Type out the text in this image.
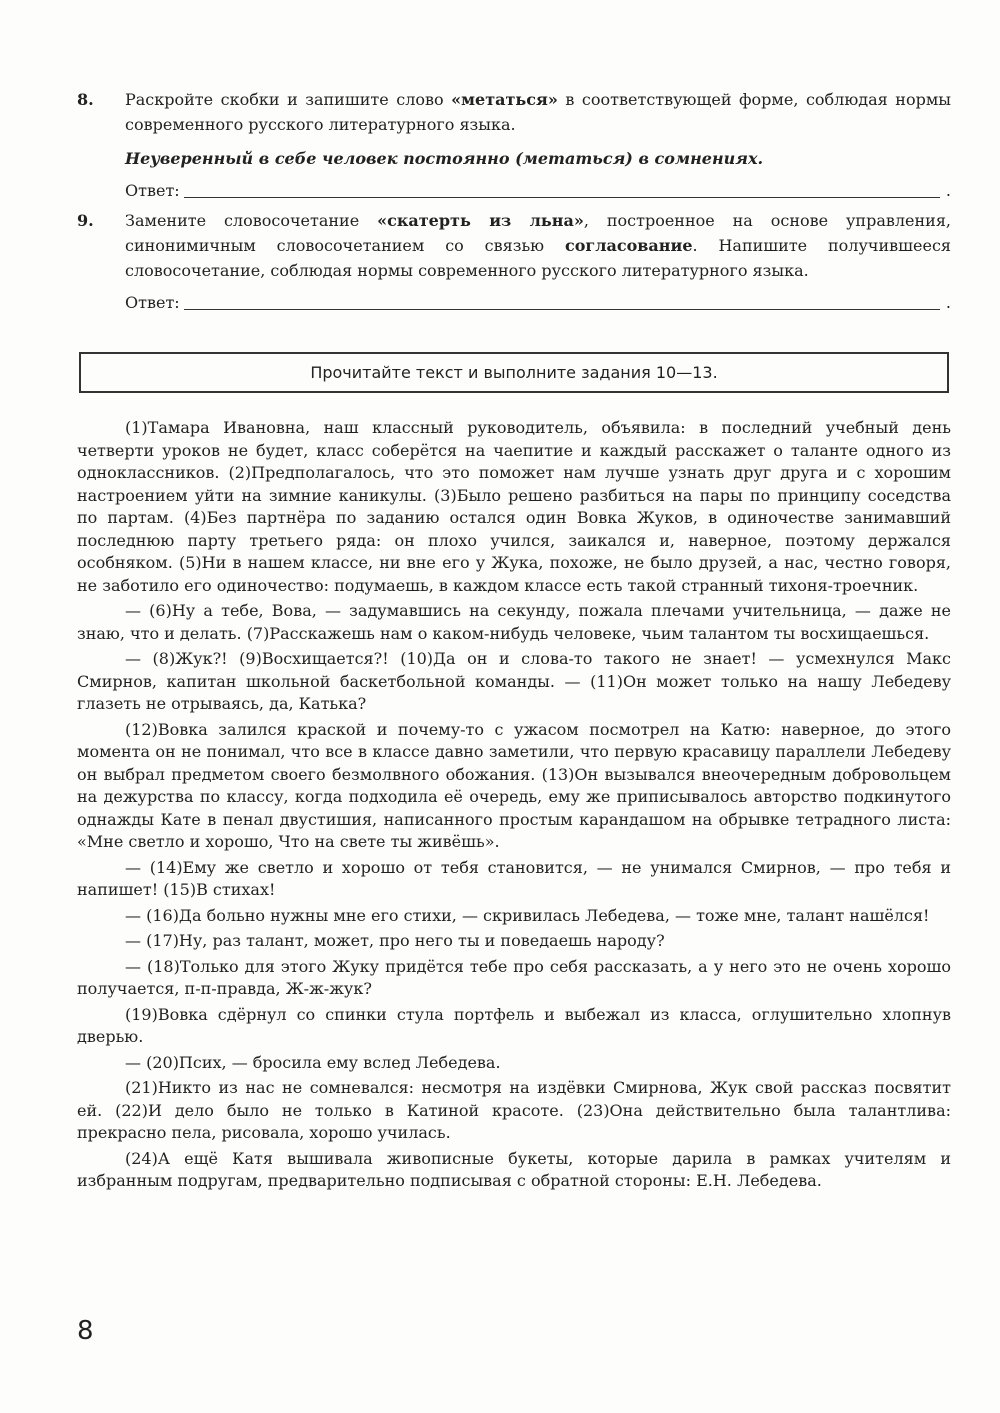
8. Раскройте скобки и запишите слово «метаться» в соответствующей форме, соблюдая нормы современного русского литературного языка.

Неуверенный в себе человек постоянно (метаться) в сомнениях.

Ответ:	.

9. Замените словосочетание «скатерть из льна», построенное на основе управления, синонимичным словосочетанием со связью согласование. Напишите получившееся словосочетание, соблюдая нормы современного русского литературного языка.

Ответ:	.

Прочитайте текст и выполните задания 10—13.

(1)Тамара Ивановна, наш классный руководитель, объявила: в последний учебный день четверти уроков не будет, класс соберётся на чаепитие и каждый расскажет о таланте одного из одноклассников. (2)Предполагалось, что это поможет нам лучше узнать друг друга и с хорошим настроением уйти на зимние каникулы. (3)Было решено разбиться на пары по принципу соседства по партам. (4)Без партнёра по заданию остался один Вовка Жуков, в одиночестве занимавший последнюю парту третьего ряда: он плохо учился, заикался и, наверное, поэтому держался особняком. (5)Ни в нашем классе, ни вне его у Жука, похоже, не было друзей, а нас, честно говоря, не заботило его одиночество: подумаешь, в каждом классе есть такой странный тихоня-троечник.

— (6)Ну а тебе, Вова, — задумавшись на секунду, пожала плечами учительница, — даже не знаю, что и делать. (7)Расскажешь нам о каком-нибудь человеке, чьим талантом ты восхищаешься.

— (8)Жук?! (9)Восхищается?! (10)Да он и слова-то такого не знает! — усмехнулся Макс Смирнов, капитан школьной баскетбольной команды. — (11)Он может только на нашу Лебедеву глазеть не отрываясь, да, Катька?

(12)Вовка залился краской и почему-то с ужасом посмотрел на Катю: наверное, до этого момента он не понимал, что все в классе давно заметили, что первую красавицу параллели Лебедеву он выбрал предметом своего безмолвного обожания. (13)Он вызывался внеочередным добровольцем на дежурства по классу, когда подходила её очередь, ему же приписывалось авторство подкинутого однажды Кате в пенал двустишия, написанного простым карандашом на обрывке тетрадного листа: «Мне светло и хорошо, Что на свете ты живёшь».

— (14)Ему же светло и хорошо от тебя становится, — не унимался Смирнов, — про тебя и напишет! (15)В стихах!

— (16)Да больно нужны мне его стихи, — скривилась Лебедева, — тоже мне, талант нашёлся!

— (17)Ну, раз талант, может, про него ты и поведаешь народу?

— (18)Только для этого Жуку придётся тебе про себя рассказать, а у него это не очень хорошо получается, п-п-правда, Ж-ж-жук?

(19)Вовка сдёрнул со спинки стула портфель и выбежал из класса, оглушительно хлопнув дверью.

— (20)Псих, — бросила ему вслед Лебедева.

(21)Никто из нас не сомневался: несмотря на издёвки Смирнова, Жук свой рассказ посвятит ей. (22)И дело было не только в Катиной красоте. (23)Она действительно была талантлива: прекрасно пела, рисовала, хорошо училась.

(24)А ещё Катя вышивала живописные букеты, которые дарила в рамках учителям и избранным подругам, предварительно подписывая с обратной стороны: Е.Н. Лебедева.

8
